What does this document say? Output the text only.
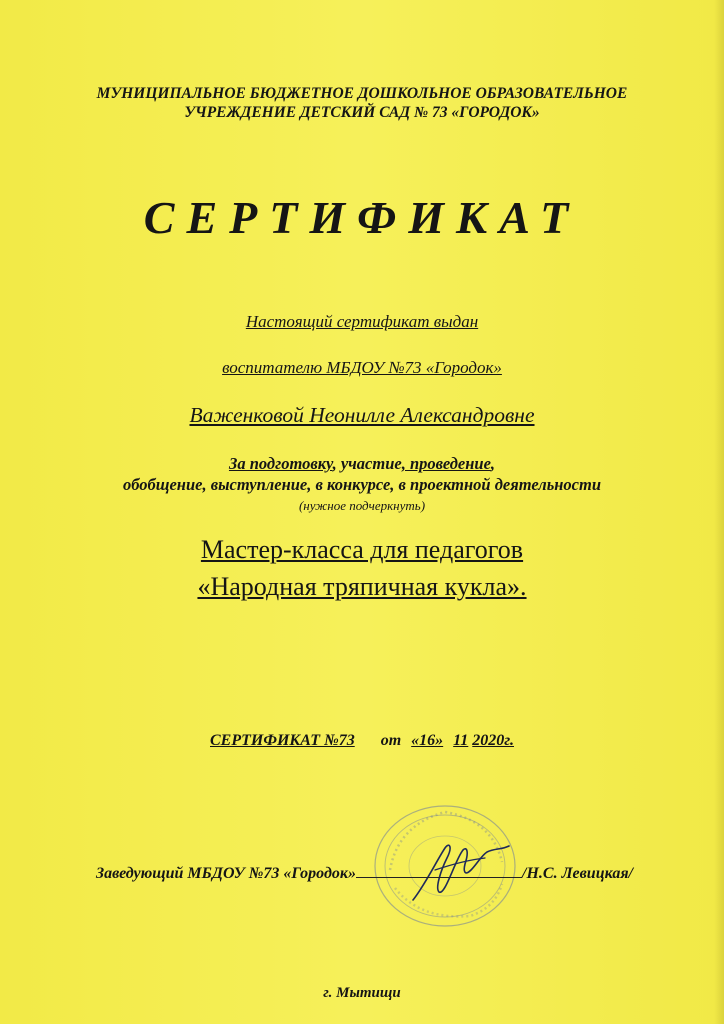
МУНИЦИПАЛЬНОЕ БЮДЖЕТНОЕ ДОШКОЛЬНОЕ ОБРАЗОВАТЕЛЬНОЕ
УЧРЕЖДЕНИЕ ДЕТСКИЙ САД № 73 «ГОРОДОК»
СЕРТИФИКАТ
Настоящий сертификат выдан
воспитателю МБДОУ №73 «Городок»
Важенковой Неонилле Александровне
За подготовку, участие, проведение,
обобщение, выступление, в конкурсе, в проектной деятельности
(нужное подчеркнуть)
Мастер-класса для педагогов
«Народная тряпичная кукла».
СЕРТИФИКАТ №73 от «16» 11 2020г.
Заведующий МБДОУ №73 «Городок»	/Н.С. Левицкая/
г. Мытищи
